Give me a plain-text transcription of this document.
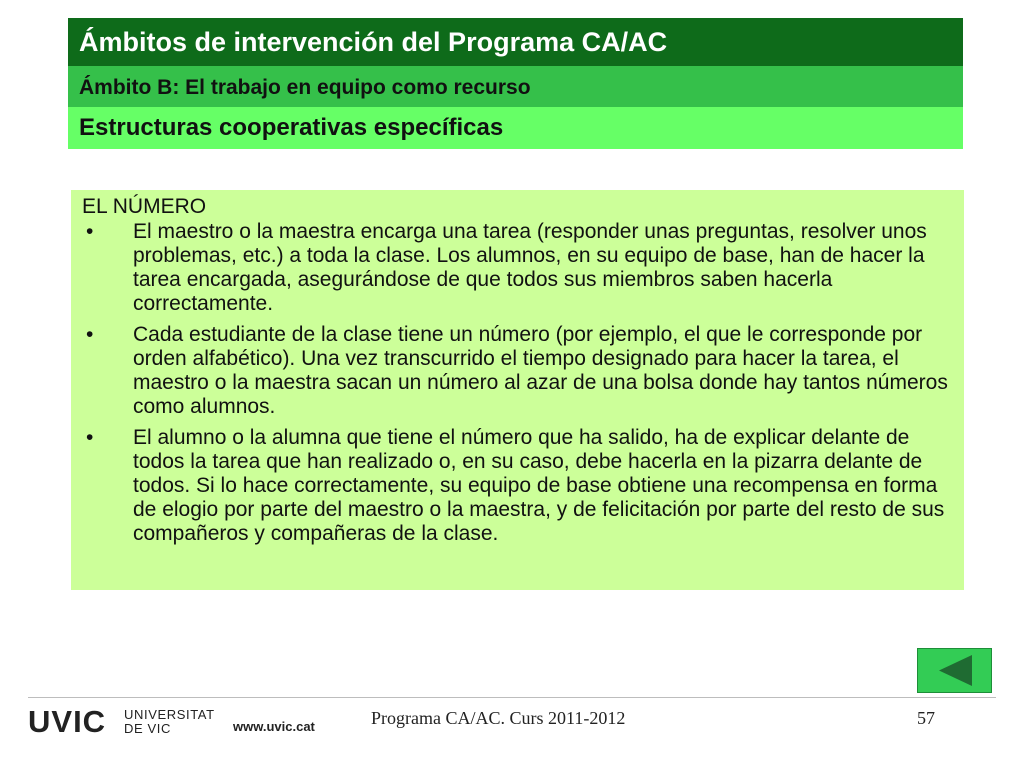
Ámbitos de intervención del Programa CA/AC
Ámbito B: El trabajo en equipo como recurso
Estructuras cooperativas específicas
EL NÚMERO
• El maestro o la maestra encarga una tarea (responder unas preguntas, resolver unos problemas, etc.) a toda la clase. Los alumnos, en su equipo de base, han de hacer la tarea encargada, asegurándose de que todos sus miembros saben hacerla correctamente.
• Cada estudiante de la clase tiene un número (por ejemplo, el que le corresponde por orden alfabético). Una vez transcurrido el tiempo designado para hacer la tarea, el maestro o la maestra sacan un número al azar de una bolsa donde hay tantos números como alumnos.
• El alumno o la alumna que tiene el número que ha salido, ha de explicar delante de todos la tarea que han realizado o, en su caso, debe hacerla en la pizarra delante de todos. Si lo hace correctamente, su equipo de base obtiene una recompensa en forma de elogio por parte del maestro o la maestra, y de felicitación por parte del resto de sus compañeros y compañeras de la clase.
UVIC UNIVERSITAT
DE VIC	www.uvic.cat	Programa CA/AC. Curs 2011-2012	57
